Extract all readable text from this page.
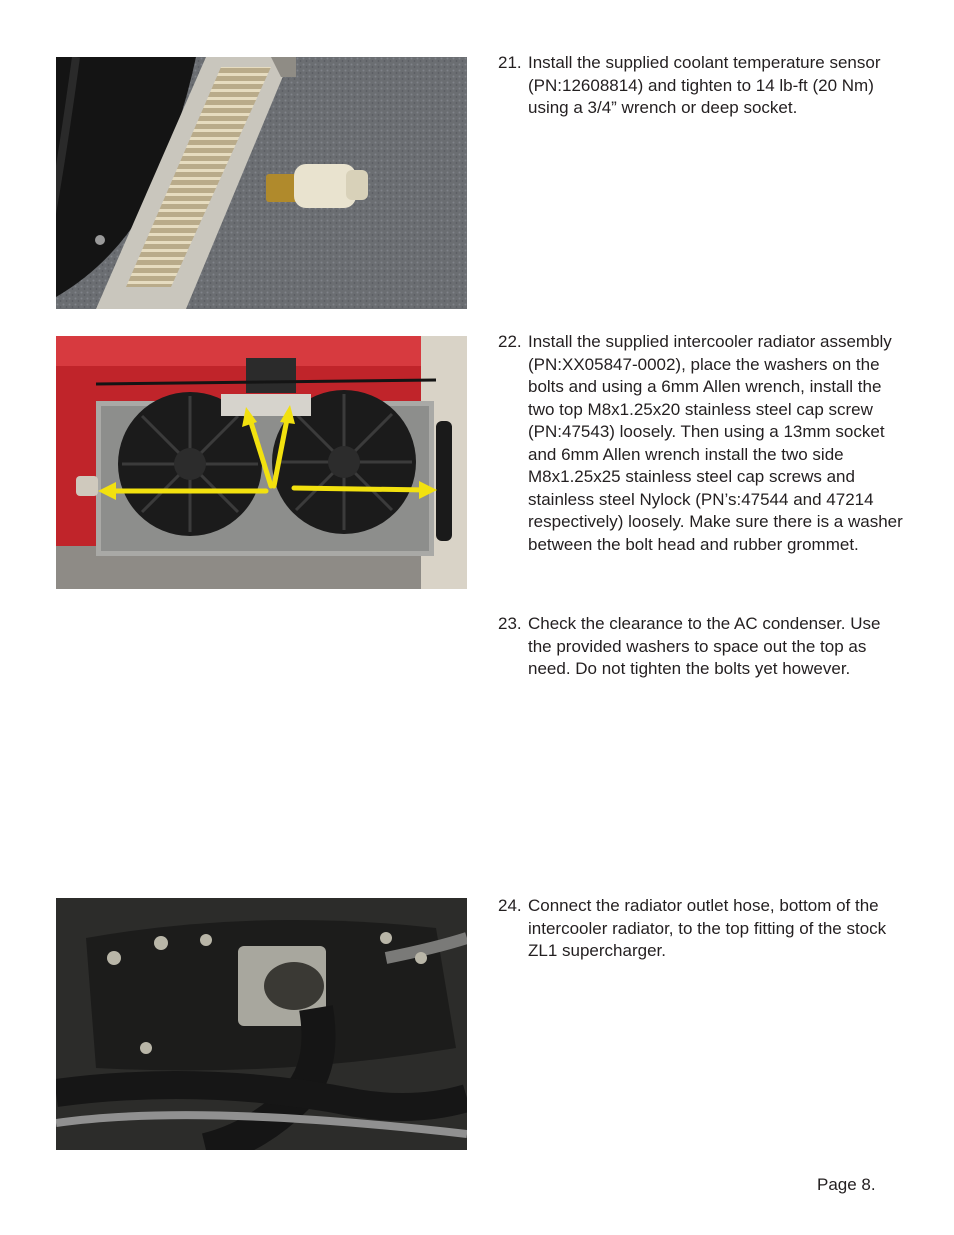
21. Install the supplied coolant temperature sensor (PN:12608814) and tighten to 14 lb-ft (20 Nm) using a 3/4” wrench or deep socket.
22. Install the supplied intercooler radiator assembly (PN:XX05847-0002), place the washers on the bolts and using a 6mm Allen wrench, install the two top M8x1.25x20 stainless steel cap screw (PN:47543) loosely. Then using a 13mm socket and 6mm Allen wrench install the two side M8x1.25x25 stainless steel cap screws and stainless steel Nylock (PN’s:47544 and 47214 respectively) loosely. Make sure there is a washer between the bolt head and rubber grommet.
23. Check the clearance to the AC condenser. Use the provided washers to space out the top as need. Do not tighten the bolts yet however.
24. Connect the radiator outlet hose, bottom of the intercooler radiator, to the top fitting of the stock ZL1 supercharger.
Page 8.
